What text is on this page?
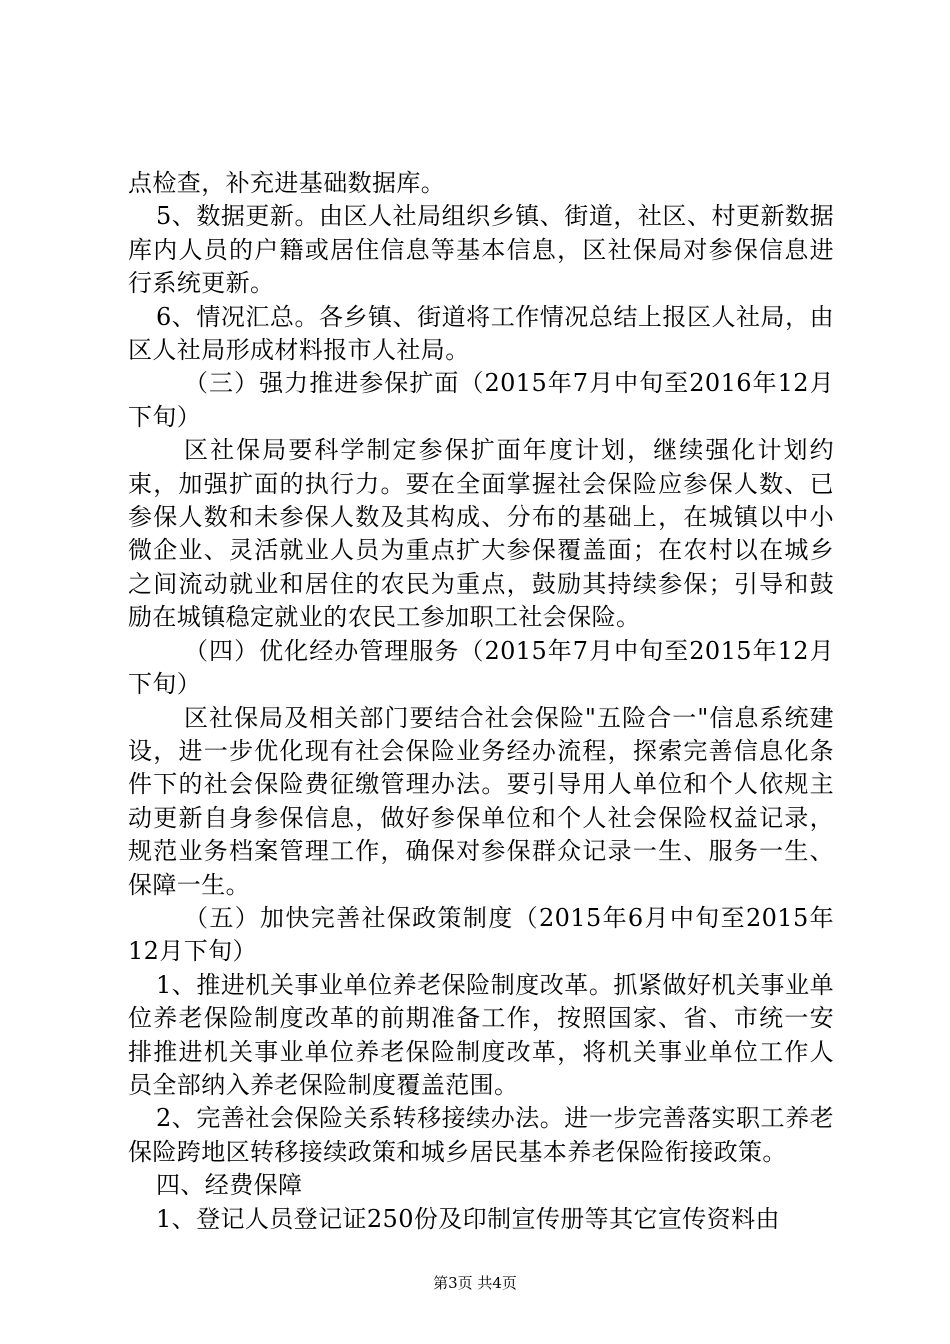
点检查，补充进基础数据库。

5、数据更新。由区人社局组织乡镇、街道，社区、村更新数据库内人员的户籍或居住信息等基本信息，区社保局对参保信息进行系统更新。

6、情况汇总。各乡镇、街道将工作情况总结上报区人社局，由区人社局形成材料报市人社局。

（三）强力推进参保扩面（2015年7月中旬至2016年12月下旬）

区社保局要科学制定参保扩面年度计划，继续强化计划约束，加强扩面的执行力。要在全面掌握社会保险应参保人数、已参保人数和未参保人数及其构成、分布的基础上，在城镇以中小微企业、灵活就业人员为重点扩大参保覆盖面；在农村以在城乡之间流动就业和居住的农民为重点，鼓励其持续参保；引导和鼓励在城镇稳定就业的农民工参加职工社会保险。

（四）优化经办管理服务（2015年7月中旬至2015年12月下旬）

区社保局及相关部门要结合社会保险"五险合一"信息系统建设，进一步优化现有社会保险业务经办流程，探索完善信息化条件下的社会保险费征缴管理办法。要引导用人单位和个人依规主动更新自身参保信息，做好参保单位和个人社会保险权益记录，规范业务档案管理工作，确保对参保群众记录一生、服务一生、保障一生。

（五）加快完善社保政策制度（2015年6月中旬至2015年12月下旬）

1、推进机关事业单位养老保险制度改革。抓紧做好机关事业单位养老保险制度改革的前期准备工作，按照国家、省、市统一安排推进机关事业单位养老保险制度改革，将机关事业单位工作人员全部纳入养老保险制度覆盖范围。

2、完善社会保险关系转移接续办法。进一步完善落实职工养老保险跨地区转移接续政策和城乡居民基本养老保险衔接政策。

四、经费保障

1、登记人员登记证250份及印制宣传册等其它宣传资料由

第3页 共4页
